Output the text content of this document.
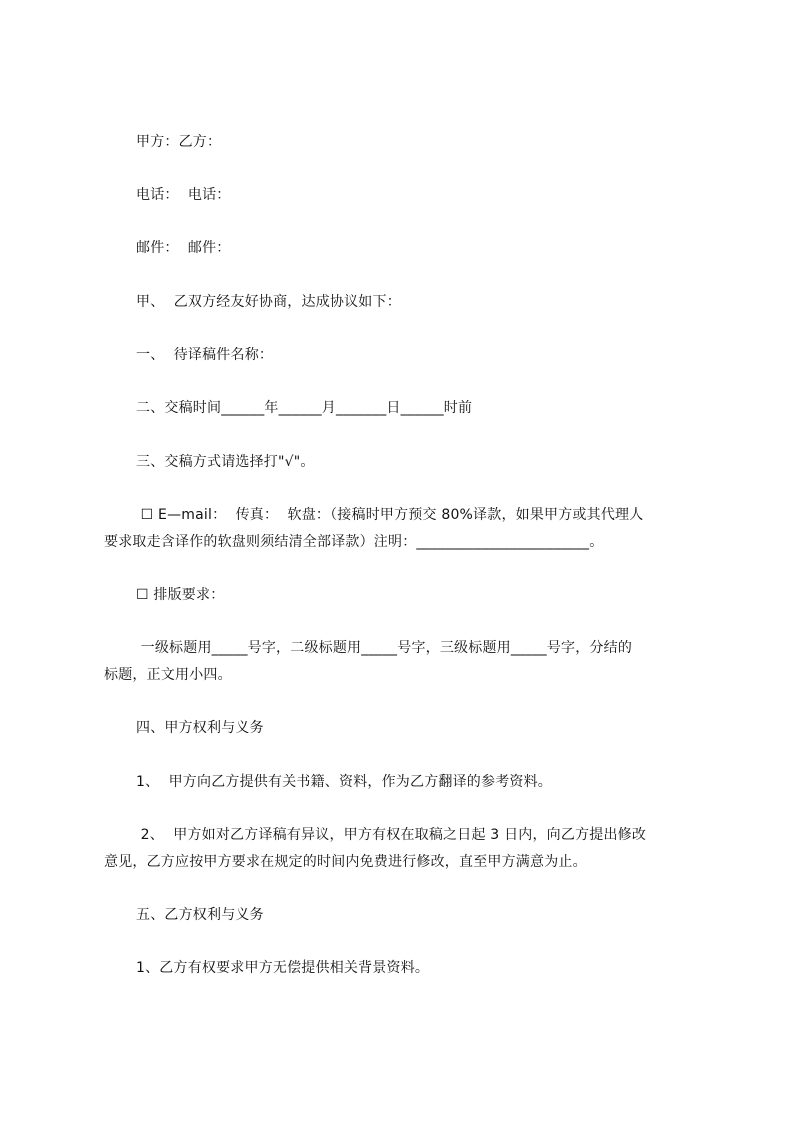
甲方：乙方：
电话：  电话：
邮件：  邮件：
甲、  乙双方经友好协商，达成协议如下：
一、  待译稿件名称：
二、交稿时间______年______月_______日______时前
三、交稿方式请选择打"√"。
☐ E—mail：  传真：  软盘：（接稿时甲方预交 80%译款，如果甲方或其代理人
要求取走含译作的软盘则须结清全部译款）注明：________________________。
☐ 排版要求：
一级标题用_____号字，二级标题用_____号字，三级标题用_____号字，分结的
标题，正文用小四。
四、甲方权利与义务
1、  甲方向乙方提供有关书籍、资料，作为乙方翻译的参考资料。
2、  甲方如对乙方译稿有异议，甲方有权在取稿之日起 3 日内，向乙方提出修改
意见，乙方应按甲方要求在规定的时间内免费进行修改，直至甲方满意为止。
五、乙方权利与义务
1、乙方有权要求甲方无偿提供相关背景资料。
